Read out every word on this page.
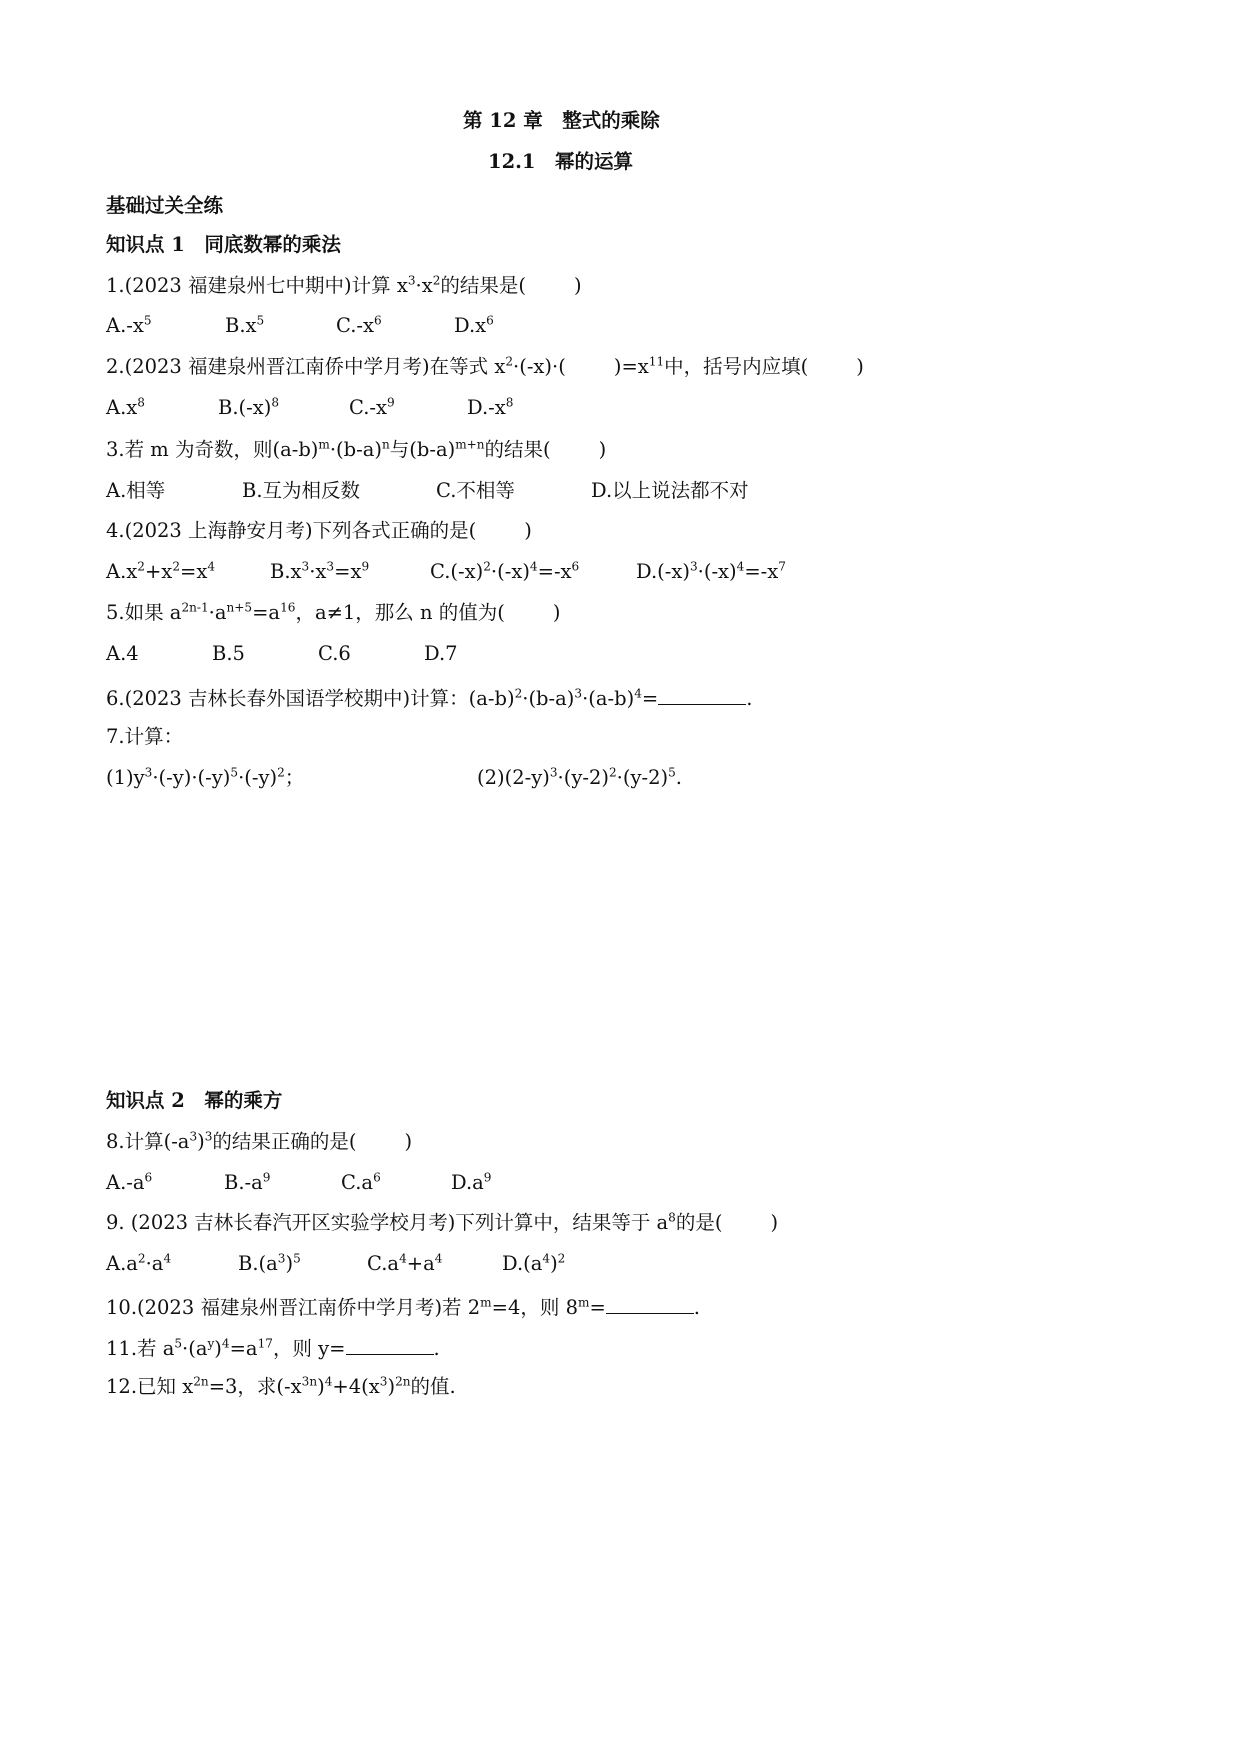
第 12 章　整式的乘除
12.1　幂的运算
基础过关全练
知识点 1　同底数幂的乘法
1.(2023 福建泉州七中期中)计算 $x^3\cdot x^2$的结果是( )
$A.-x^5$	$B.x^5$	$C.-x^6$	$D.x^6$
2.(2023 福建泉州晋江南侨中学月考)在等式 $x^2\cdot(-x)\cdot$( )$=x^{11}$中，括号内应填( )
$A.x^8$	$B.(-x)^8$	$C.-x^9$	$D.-x^8$
3.若 m 为奇数，则$(a-b)^m\cdot(b-a)^n$与$(b-a)^{m+n}$的结果( )
A.相等	B.互为相反数	C.不相等	D.以上说法都不对
4.(2023 上海静安月考)下列各式正确的是( )
$A.x^2+x^2=x^4$	$B.x^3\cdot x^3=x^9$	$C.(-x)^2\cdot(-x)^4=-x^6$	$D.(-x)^3\cdot(-x)^4=-x^7$
5.如果 $a^{2n-1}\cdot a^{n+5}=a^{16}$，a≠1，那么 n 的值为( )
A.4	B.5	C.6	D.7
6.(2023 吉林长春外国语学校期中)计算：$(a-b)^2\cdot(b-a)^3\cdot(a-b)^4=$	.
7.计算：
$(1)y^3\cdot(-y)\cdot(-y)^5\cdot(-y)^2$；	$(2)(2-y)^3\cdot(y-2)^2\cdot(y-2)^5$.
知识点 2　幂的乘方
8.计算$(-a^3)^3$的结果正确的是( )
$A.-a^6$	$B.-a^9$	$C.a^6$	$D.a^9$
9. (2023 吉林长春汽开区实验学校月考)下列计算中，结果等于 $a^8$的是( )
$A.a^2\cdot a^4$	$B.(a^3)^5$	$C.a^4+a^4$	$D.(a^4)^2$
10.(2023 福建泉州晋江南侨中学月考)若 $2^m=4$，则 $8^m=$	.
11.若 $a^5\cdot(a^y)^4=a^{17}$，则 y=	.
12.已知 $x^{2n}=3$，求$(-x^{3n})^4+4(x^3)^{2n}$的值.
